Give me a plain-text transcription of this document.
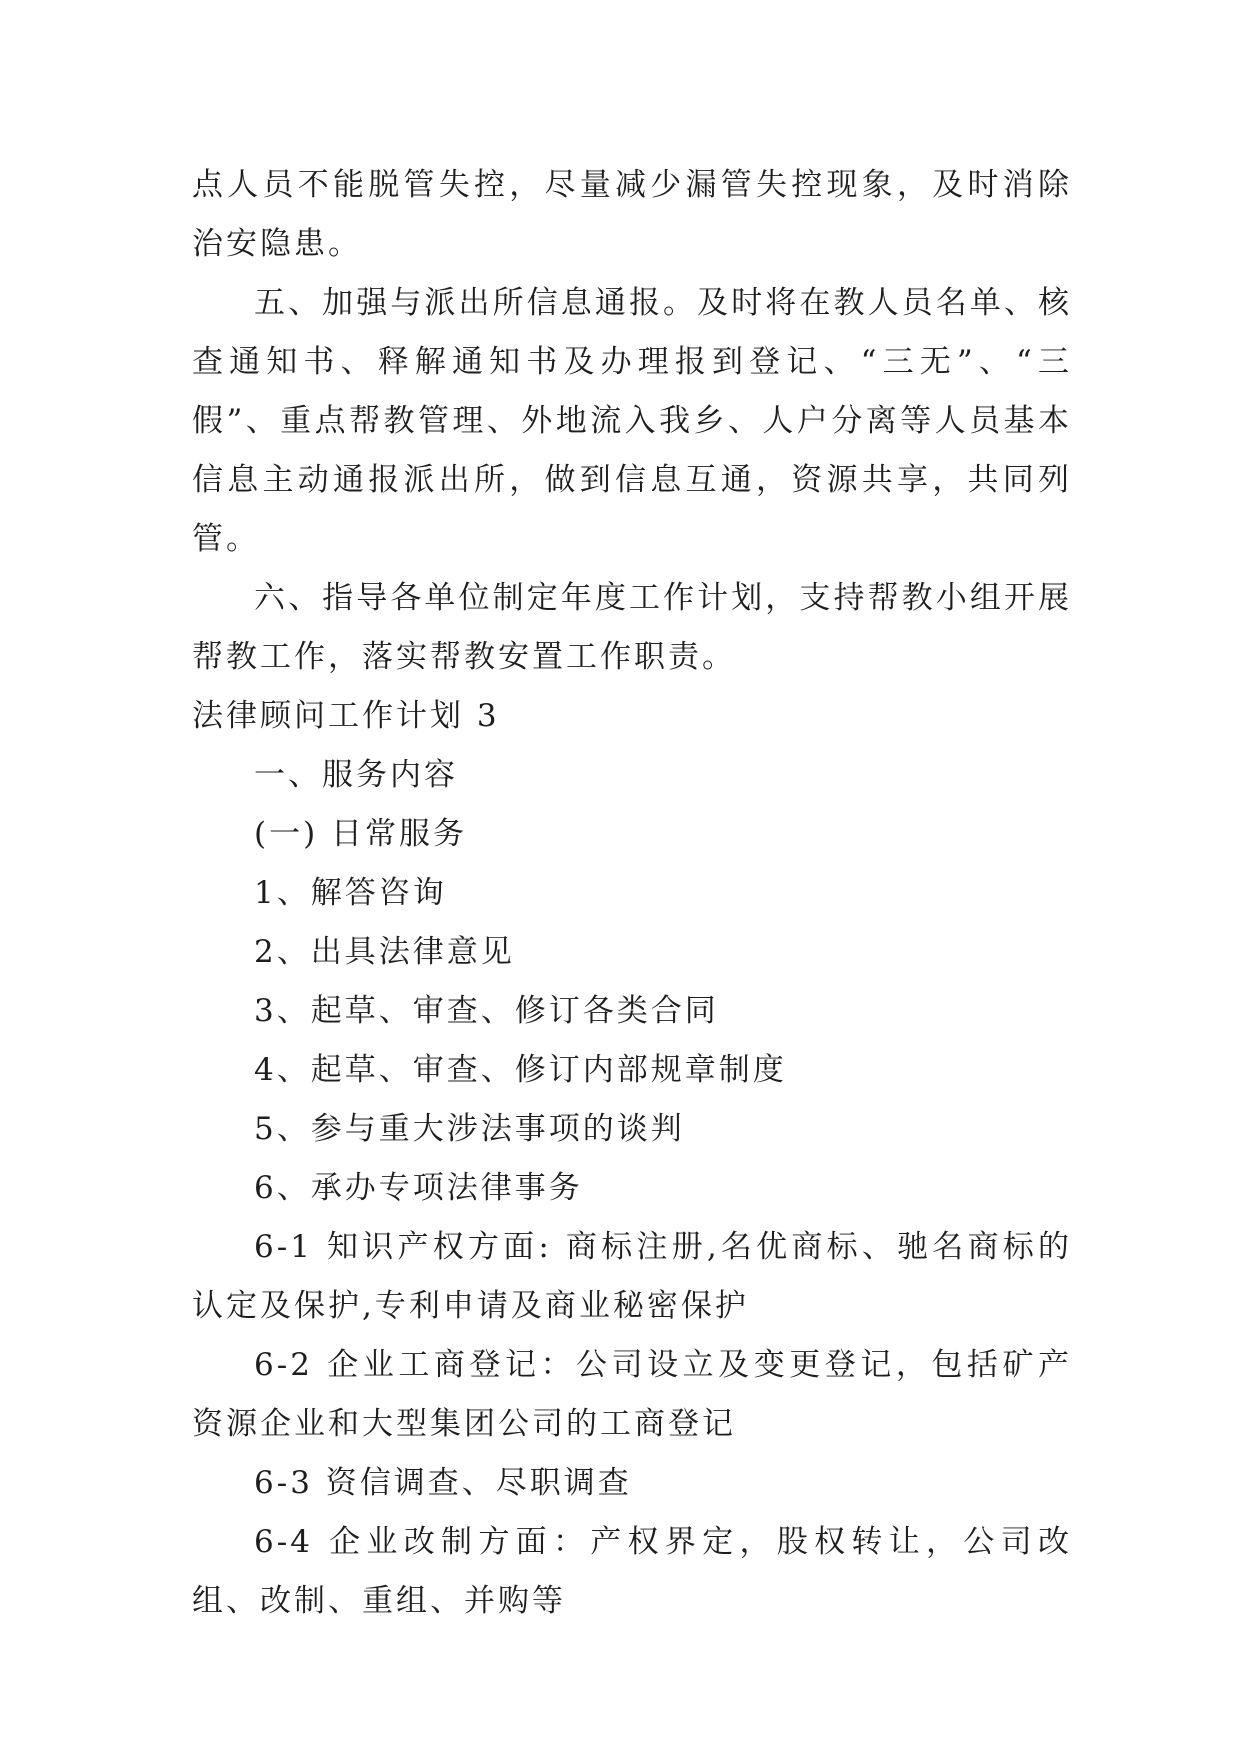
点人员不能脱管失控，尽量减少漏管失控现象，及时消除治安隐患。

五、加强与派出所信息通报。及时将在教人员名单、核查通知书、释解通知书及办理报到登记、“三无”、“三假”、重点帮教管理、外地流入我乡、人户分离等人员基本信息主动通报派出所，做到信息互通，资源共享，共同列管。

六、指导各单位制定年度工作计划，支持帮教小组开展帮教工作，落实帮教安置工作职责。

法律顾问工作计划 3

一、服务内容

(一) 日常服务

1、解答咨询

2、出具法律意见

3、起草、审查、修订各类合同

4、起草、审查、修订内部规章制度

5、参与重大涉法事项的谈判

6、承办专项法律事务

6-1 知识产权方面: 商标注册,名优商标、驰名商标的认定及保护,专利申请及商业秘密保护

6-2 企业工商登记：公司设立及变更登记，包括矿产资源企业和大型集团公司的工商登记

6-3 资信调查、尽职调查

6-4 企业改制方面：产权界定，股权转让，公司改组、改制、重组、并购等
